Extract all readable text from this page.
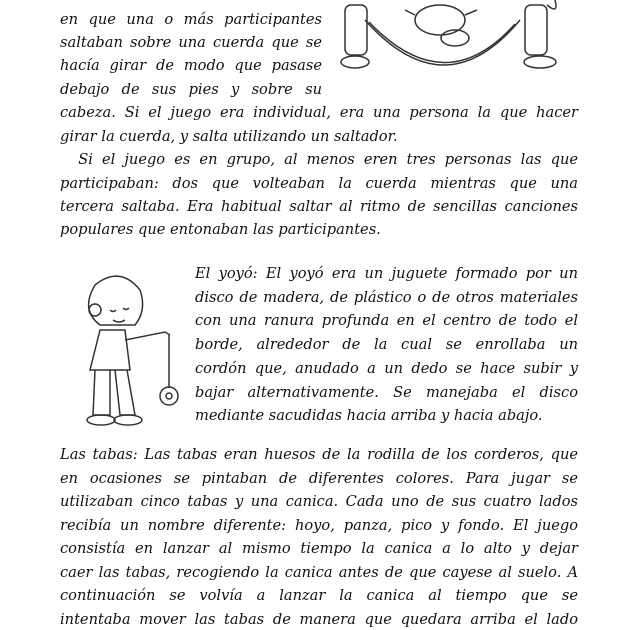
en que una o más participantes
saltaban sobre una cuerda que se
hacía girar de modo que pasase
debajo de sus pies y sobre su
cabeza. Si el juego era individual, era una persona la que hacer
girar la cuerda, y salta utilizando un saltador.
Si el juego es en grupo, al menos eren tres personas las que
participaban: dos que volteaban la cuerda mientras que una
tercera saltaba. Era habitual saltar al ritmo de sencillas canciones
populares que entonaban las participantes.
El yoyó: El yoyó era un juguete formado por un
disco de madera, de plástico o de otros materiales
con una ranura profunda en el centro de todo el
borde, alrededor de la cual se enrollaba un
cordón que, anudado a un dedo se hace subir y
bajar alternativamente. Se manejaba el disco
mediante sacudidas hacia arriba y hacia abajo.
Las tabas: Las tabas eran huesos de la rodilla de los corderos, que
en ocasiones se pintaban de diferentes colores. Para jugar se
utilizaban cinco tabas y una canica. Cada uno de sus cuatro lados
recibía un nombre diferente: hoyo, panza, pico y fondo. El juego
consistía en lanzar al mismo tiempo la canica a lo alto y dejar
caer las tabas, recogiendo la canica antes de que cayese al suelo. A
continuación se volvía a lanzar la canica al tiempo que se
intentaba mover las tabas de manera que quedara arriba el lado
